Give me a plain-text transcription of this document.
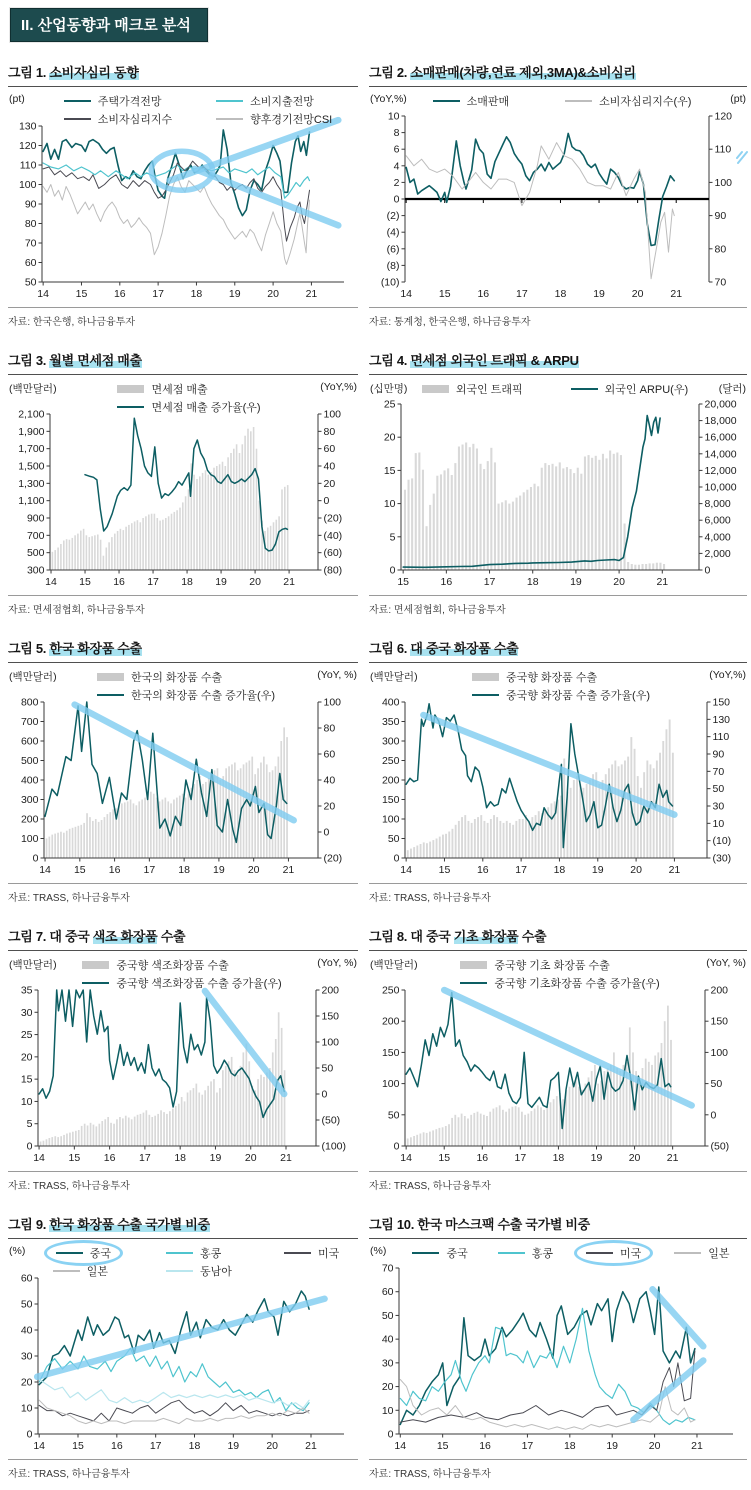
II. 산업동향과 매크로 분석
그림 1. 소비자심리 동향
(pt)	주택가격전망	소비지출전망
소비자심리지수	향후경기전망CSI
130
120
110
100
90
80
70
60
50
14	15	16	17	18	19	20	21
자료: 한국은행, 하나금융투자
그림 2. 소매판매(차량,연료 제외,3MA)&소비심리
(YoY,%)	(pt)
소매판매	소비자심리지수(우)
10
8
6
4
2
0
(2)
(4)
(6)
(8)
(10)
120
110
100
90
80
70
14	15	16	17	18	19	20	21
자료: 통계청, 한국은행, 하나금융투자
그림 3. 월별 면세점 매출
(백만달러)	(YoY,%)
면세점 매출
면세점 매출 증가율(우)
2,100
1,900
1,700
1,500
1,300
1,100
900
700
500
300
100
80
60
40
20
0
(20)
(40)
(60)
(80)
14 15 16 17 18 19 20 21
자료: 면세점협회, 하나금융투자
그림 4. 면세점 외국인 트래픽 & ARPU
(십만명)	(달러)
외국인 트래픽	외국인 ARPU(우)
25
20
15
10
5
0
20,000
18,000
16,000
14,000
12,000
10,000
8,000
6,000
4,000
2,000
0
15	16	17	18	19	20	21
자료: 면세점협회, 하나금융투자
그림 5. 한국 화장품 수출
(백만달러)	(YoY, %)
한국의 화장품 수출
한국의 화장품 수출 증가율(우)
800
700
600
500
400
300
200
100
0
100
80
60
40
20
0
(20)
14 15 16 17 18 19 20 21
자료: TRASS, 하나금융투자
그림 6. 대 중국 화장품 수출
(백만달러)	(YoY,%)
중국향 화장품 수출
중국향 화장품 수출 증가율(우)
400
350
300
250
200
150
100
50
0
150
130
110
90
70
50
30
10
(10)
(30)
14	15	16	17	18	19	20	21
자료: TRASS, 하나금융투자
그림 7. 대 중국 색조 화장품 수출
(백만달러)	(YoY, %)
중국향 색조화장품 수출
중국향 색조화장품 수출 증가율(우)
35
30
25
20
15
10
5
0
200
150
100
50
0
(50)
(100)
14 15 16 17 18 19 20 21
자료: TRASS, 하나금융투자
그림 8. 대 중국 기초 화장품 수출
(백만달러)	(YoY, %)
중국향 기초 화장품 수출
중국향 기초화장품 수출 증가율(우)
250
200
150
100
50
0
200
150
100
50
0
(50)
14	15	16	17	18	19	20	21
자료: TRASS, 하나금융투자
그림 9. 한국 화장품 수출 국가별 비중
(%)	중국	홍콩	미국
일본	동남아
60
50
40
30
20
10
0
14	15	16	17	18	19	20	21
자료: TRASS, 하나금융투자
그림 10. 한국 마스크팩 수출 국가별 비중
(%)	중국	홍콩	미국	일본
70
60
50
40
30
20
10
0
14	15	16	17	18	19	20	21
자료: TRASS, 하나금융투자
